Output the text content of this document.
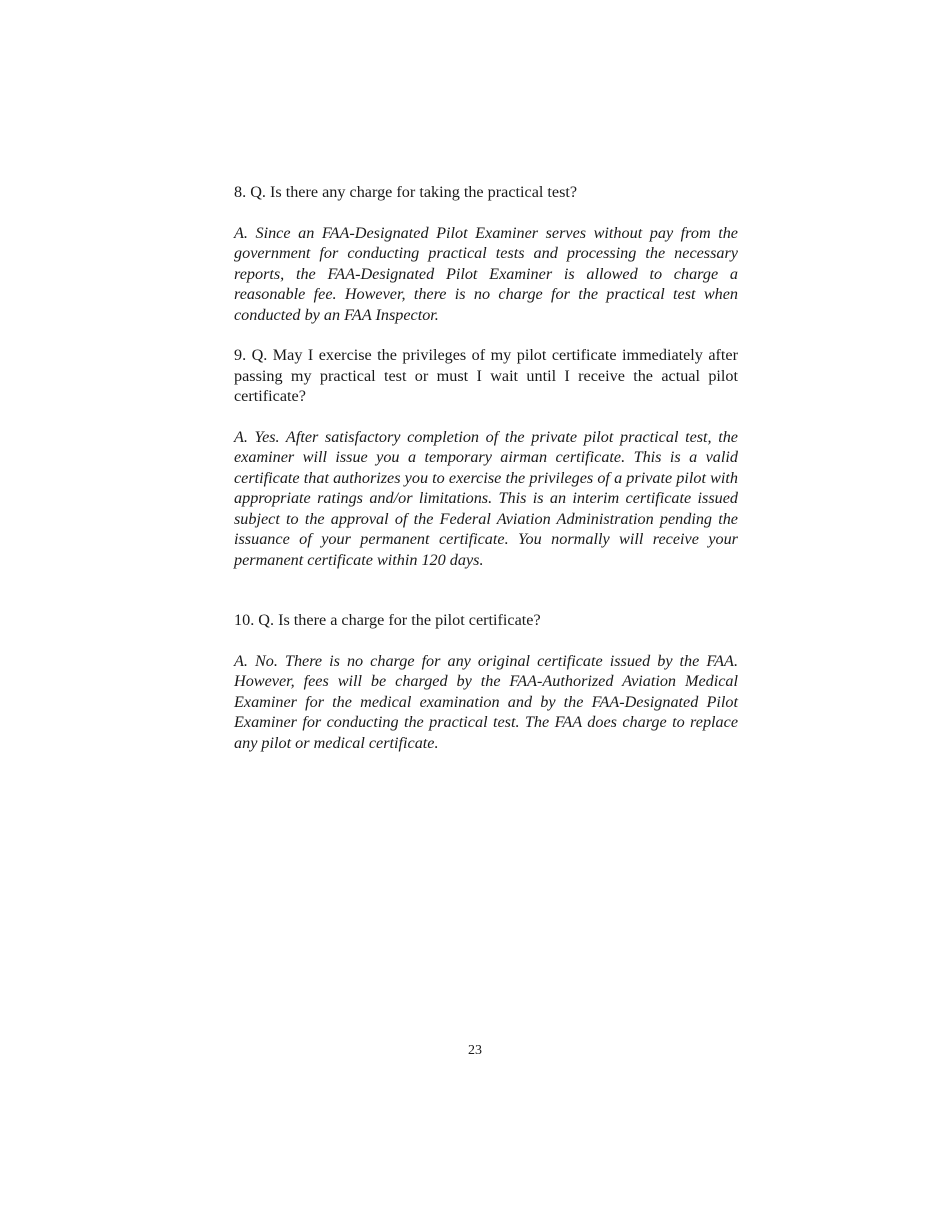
8. Q. Is there any charge for taking the practical test?

A. Since an FAA-Designated Pilot Examiner serves without pay from the government for conducting practical tests and processing the necessary reports, the FAA-Designated Pilot Examiner is allowed to charge a reasonable fee. However, there is no charge for the practical test when conducted by an FAA Inspector.

9. Q. May I exercise the privileges of my pilot certificate immediately after passing my practical test or must I wait until I receive the actual pilot certificate?

A. Yes. After satisfactory completion of the private pilot practical test, the examiner will issue you a temporary airman certificate. This is a valid certificate that authorizes you to exercise the privileges of a private pilot with appropriate ratings and/or limitations. This is an interim certificate issued subject to the approval of the Federal Aviation Administration pending the issuance of your permanent certificate. You normally will receive your permanent certificate within 120 days.

10. Q. Is there a charge for the pilot certificate?

A. No. There is no charge for any original certificate issued by the FAA. However, fees will be charged by the FAA-Authorized Aviation Medical Examiner for the medical examination and by the FAA-Designated Pilot Examiner for conducting the practical test. The FAA does charge to replace any pilot or medical certificate.

23
